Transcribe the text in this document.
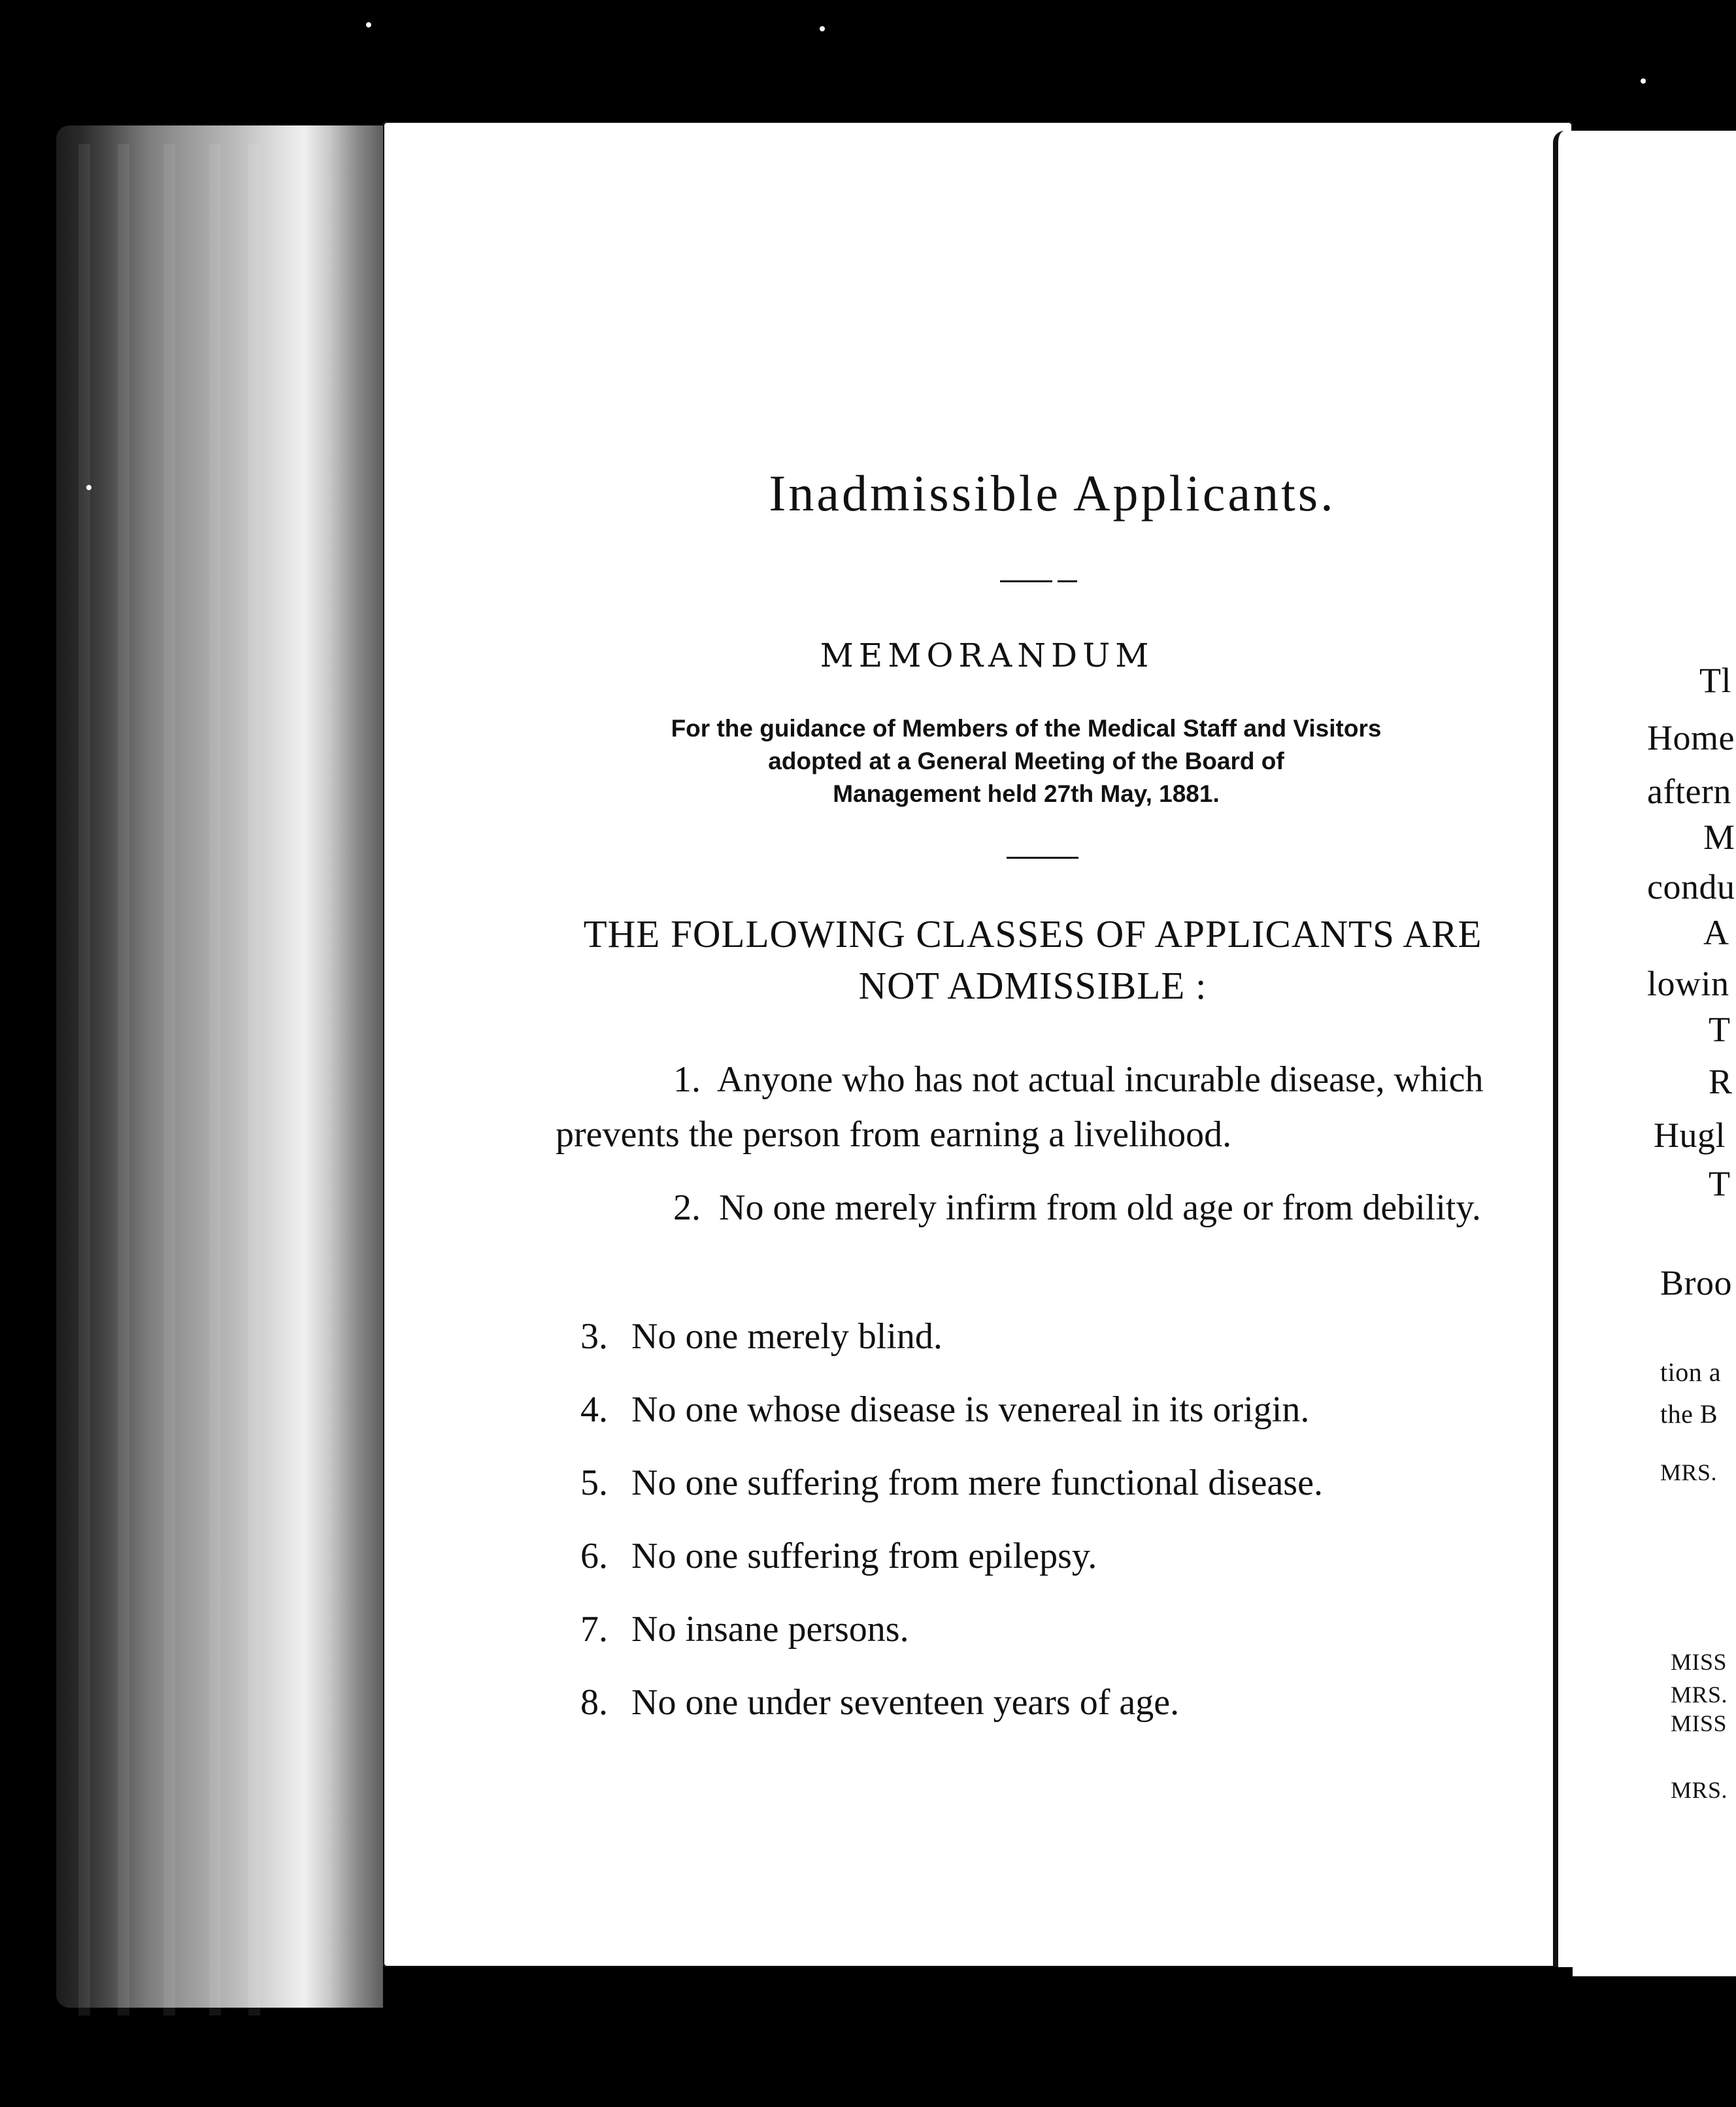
Inadmissible Applicants.
MEMORANDUM
For the guidance of Members of the Medical Staff and Visitors
adopted at a General Meeting of the Board of
Management held 27th May, 1881.
THE FOLLOWING CLASSES OF APPLICANTS ARE
NOT ADMISSIBLE :
1. Anyone who has not actual incurable disease, which prevents the person from earning a livelihood.
2. No one merely infirm from old age or from debility.
3. No one merely blind.
4. No one whose disease is venereal in its origin.
5. No one suffering from mere functional disease.
6. No one suffering from epilepsy.
7. No insane persons.
8. No one under seventeen years of age.
Tl
Home
aftern
M
condu
A
lowin
T
R
Hugl
T
Broo
tion a
the B
MRS.
MISS
MRS.
MISS
MRS.
